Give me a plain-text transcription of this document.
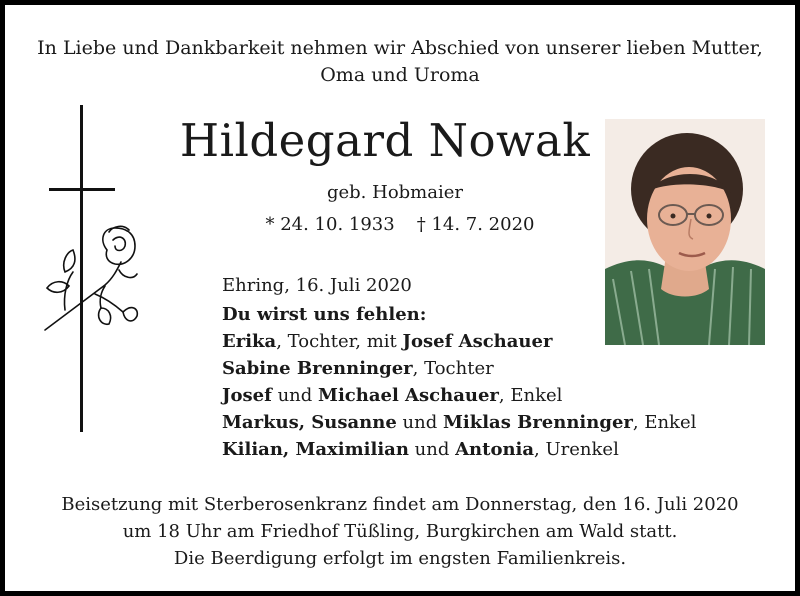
In Liebe und Dankbarkeit nehmen wir Abschied von unserer lieben Mutter,
Oma und Uroma
Hildegard Nowak
geb. Hobmaier
* 24. 10. 1933 † 14. 7. 2020
Ehring, 16. Juli 2020
Du wirst uns fehlen:
Erika, Tochter, mit Josef Aschauer
Sabine Brenninger, Tochter
Josef und Michael Aschauer, Enkel
Markus, Susanne und Miklas Brenninger, Enkel
Kilian, Maximilian und Antonia, Urenkel
Beisetzung mit Sterberosenkranz findet am Donnerstag, den 16. Juli 2020
um 18 Uhr am Friedhof Tüßling, Burgkirchen am Wald statt.
Die Beerdigung erfolgt im engsten Familienkreis.
